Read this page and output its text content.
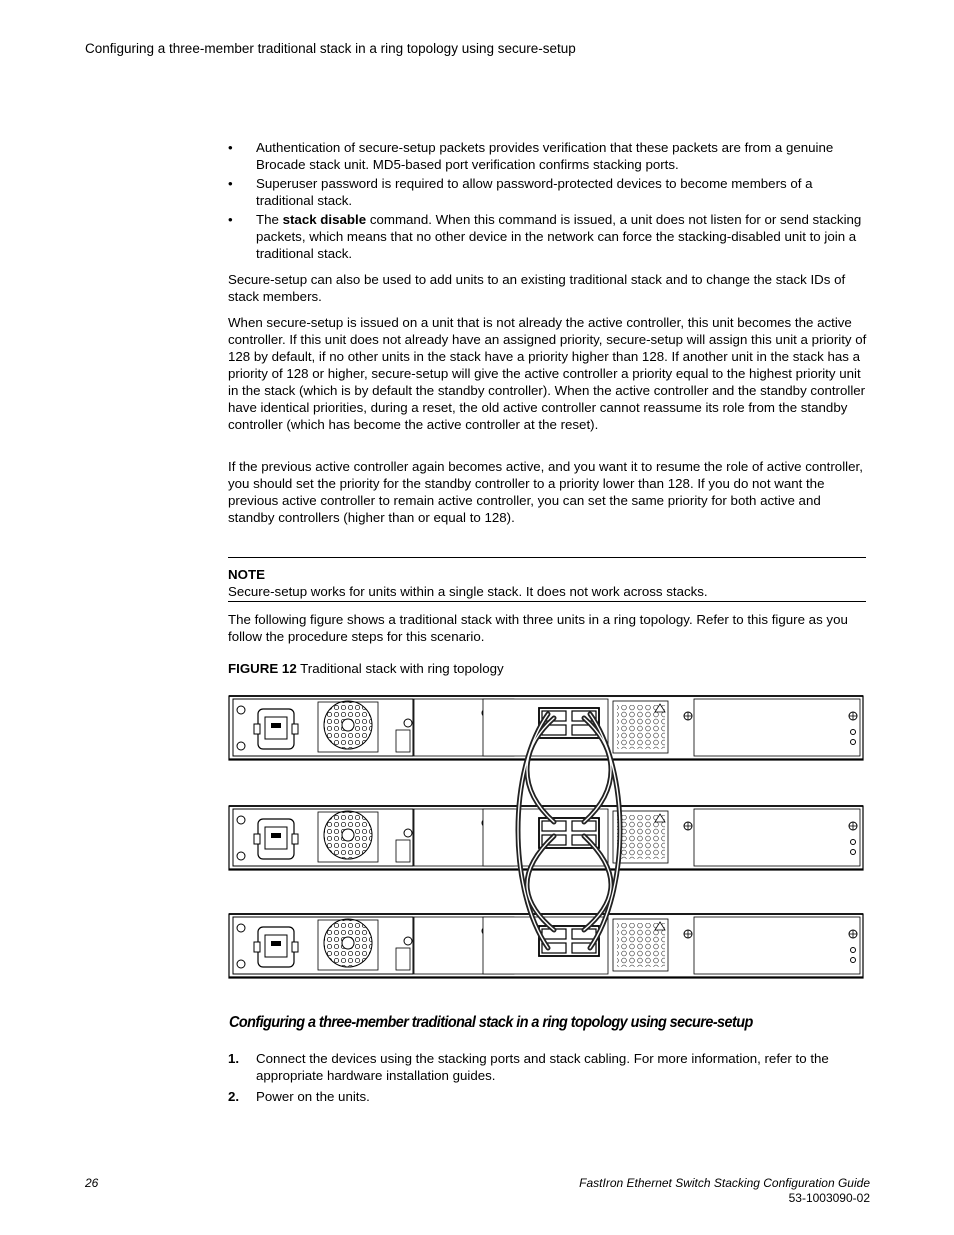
Configuring a three-member traditional stack in a ring topology using secure-setup
• Authentication of secure-setup packets provides verification that these packets are from a genuine Brocade stack unit. MD5-based port verification confirms stacking ports.
• Superuser password is required to allow password-protected devices to become members of a traditional stack.
• The stack disable command. When this command is issued, a unit does not listen for or send stacking packets, which means that no other device in the network can force the stacking-disabled unit to join a traditional stack.

Secure-setup can also be used to add units to an existing traditional stack and to change the stack IDs of stack members.

When secure-setup is issued on a unit that is not already the active controller, this unit becomes the active controller. If this unit does not already have an assigned priority, secure-setup will assign this unit a priority of 128 by default, if no other units in the stack have a priority higher than 128. If another unit in the stack has a priority of 128 or higher, secure-setup will give the active controller a priority equal to the highest priority unit in the stack (which is by default the standby controller). When the active controller and the standby controller have identical priorities, during a reset, the old active controller cannot reassume its role from the standby controller (which has become the active controller at the reset).

If the previous active controller again becomes active, and you want it to resume the role of active controller, you should set the priority for the standby controller to a priority lower than 128. If you do not want the previous active controller to remain active controller, you can set the same priority for both active and standby controllers (higher than or equal to 128).

NOTE
Secure-setup works for units within a single stack. It does not work across stacks.

The following figure shows a traditional stack with three units in a ring topology. Refer to this figure as you follow the procedure steps for this scenario.

FIGURE 12 Traditional stack with ring topology
Configuring a three-member traditional stack in a ring topology using secure-setup
1. Connect the devices using the stacking ports and stack cabling. For more information, refer to the appropriate hardware installation guides.
2. Power on the units.
26	FastIron Ethernet Switch Stacking Configuration Guide
53-1003090-02
